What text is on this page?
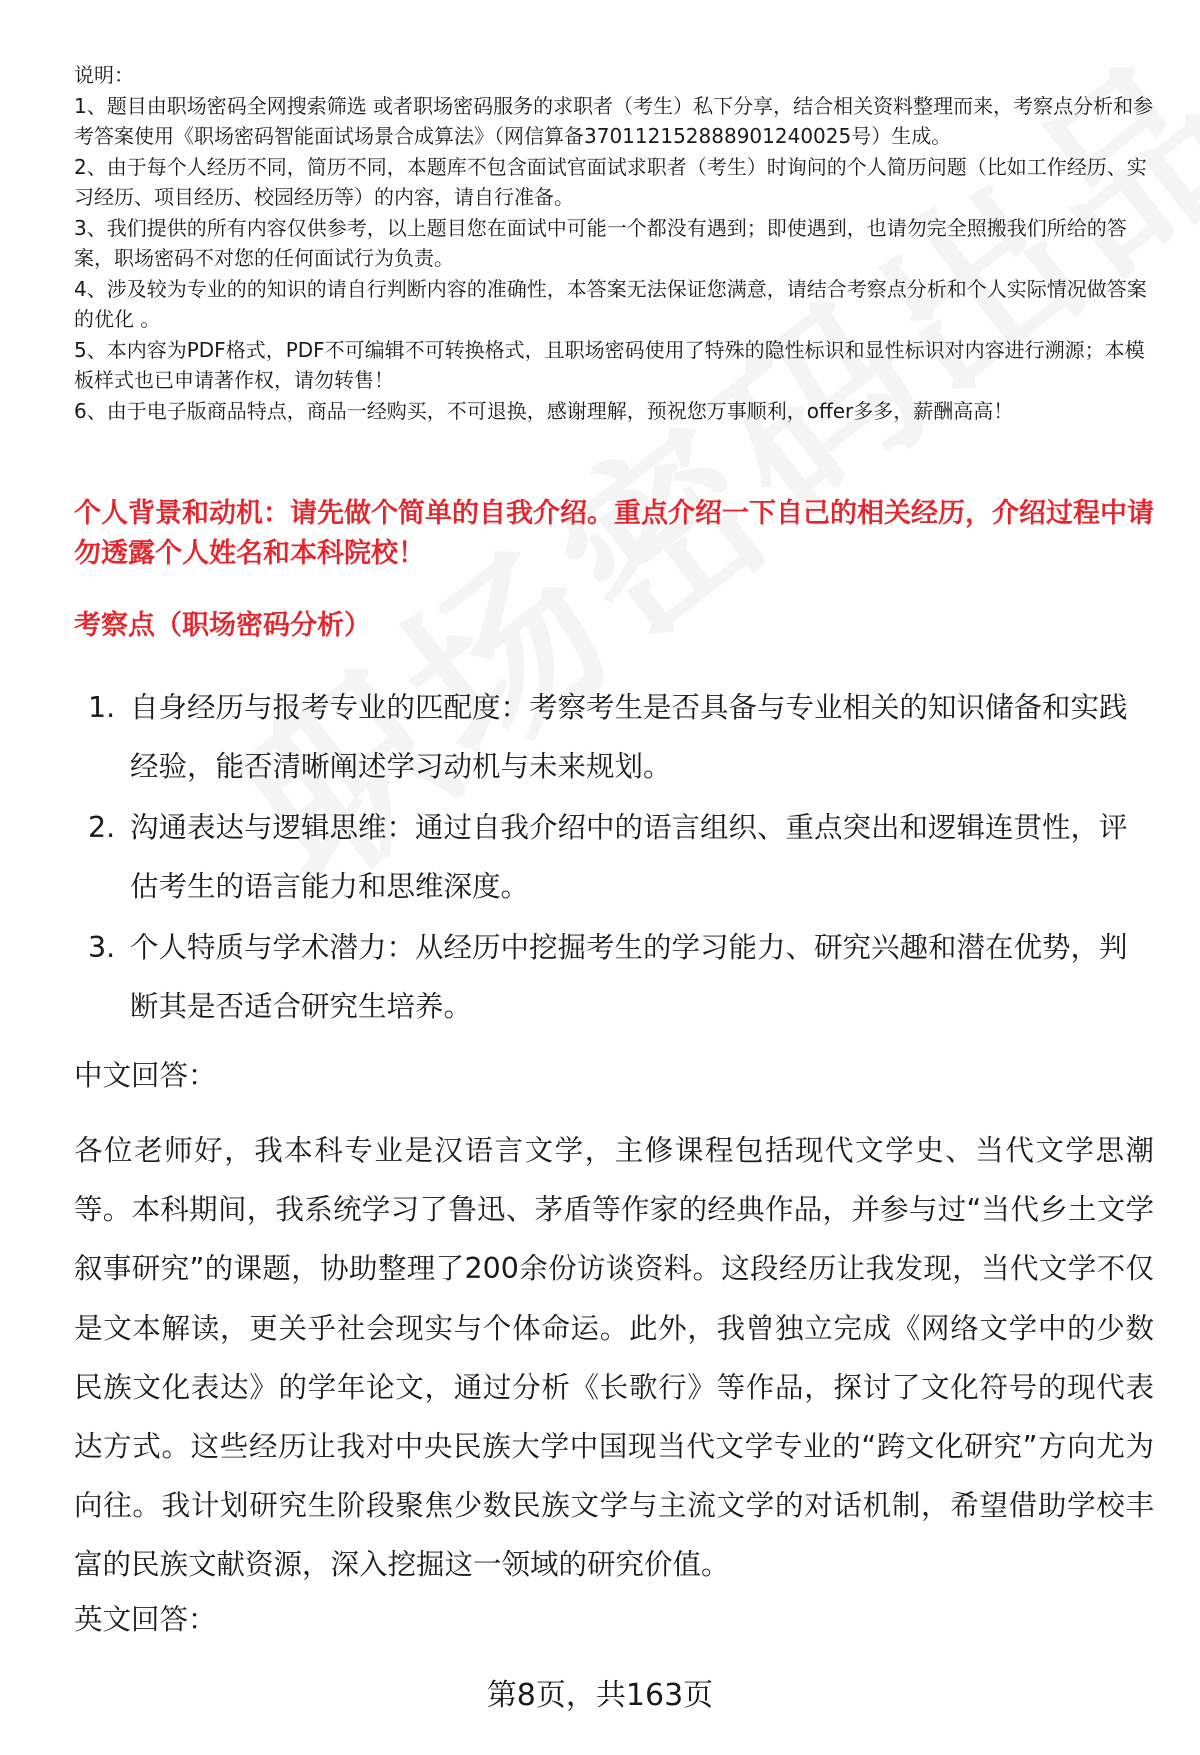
说明：
1、题目由职场密码全网搜索筛选 或者职场密码服务的求职者（考生）私下分享，结合相关资料整理而来，考察点分析和参考答案使用《职场密码智能面试场景合成算法》（网信算备370112152888901240025号）生成。
2、由于每个人经历不同，简历不同，本题库不包含面试官面试求职者（考生）时询问的个人简历问题（比如工作经历、实习经历、项目经历、校园经历等）的内容，请自行准备。
3、我们提供的所有内容仅供参考，以上题目您在面试中可能一个都没有遇到；即使遇到，也请勿完全照搬我们所给的答案，职场密码不对您的任何面试行为负责。
4、涉及较为专业的的知识的请自行判断内容的准确性，本答案无法保证您满意，请结合考察点分析和个人实际情况做答案的优化 。
5、本内容为PDF格式，PDF不可编辑不可转换格式，且职场密码使用了特殊的隐性标识和显性标识对内容进行溯源；本模板样式也已申请著作权，请勿转售！
6、由于电子版商品特点，商品一经购买，不可退换，感谢理解，预祝您万事顺利，offer多多，薪酬高高！
个人背景和动机：请先做个简单的自我介绍。重点介绍一下自己的相关经历，介绍过程中请勿透露个人姓名和本科院校！
考察点（职场密码分析）
1. 自身经历与报考专业的匹配度：考察考生是否具备与专业相关的知识储备和实践经验，能否清晰阐述学习动机与未来规划。
2. 沟通表达与逻辑思维：通过自我介绍中的语言组织、重点突出和逻辑连贯性，评估考生的语言能力和思维深度。
3. 个人特质与学术潜力：从经历中挖掘考生的学习能力、研究兴趣和潜在优势，判断其是否适合研究生培养。
中文回答：
各位老师好，我本科专业是汉语言文学，主修课程包括现代文学史、当代文学思潮等。本科期间，我系统学习了鲁迅、茅盾等作家的经典作品，并参与过“当代乡土文学叙事研究”的课题，协助整理了200余份访谈资料。这段经历让我发现，当代文学不仅是文本解读，更关乎社会现实与个体命运。此外，我曾独立完成《网络文学中的少数民族文化表达》的学年论文，通过分析《长歌行》等作品，探讨了文化符号的现代表达方式。这些经历让我对中央民族大学中国现当代文学专业的“跨文化研究”方向尤为向往。我计划研究生阶段聚焦少数民族文学与主流文学的对话机制，希望借助学校丰富的民族文献资源，深入挖掘这一领域的研究价值。
英文回答：
第8页，共163页
